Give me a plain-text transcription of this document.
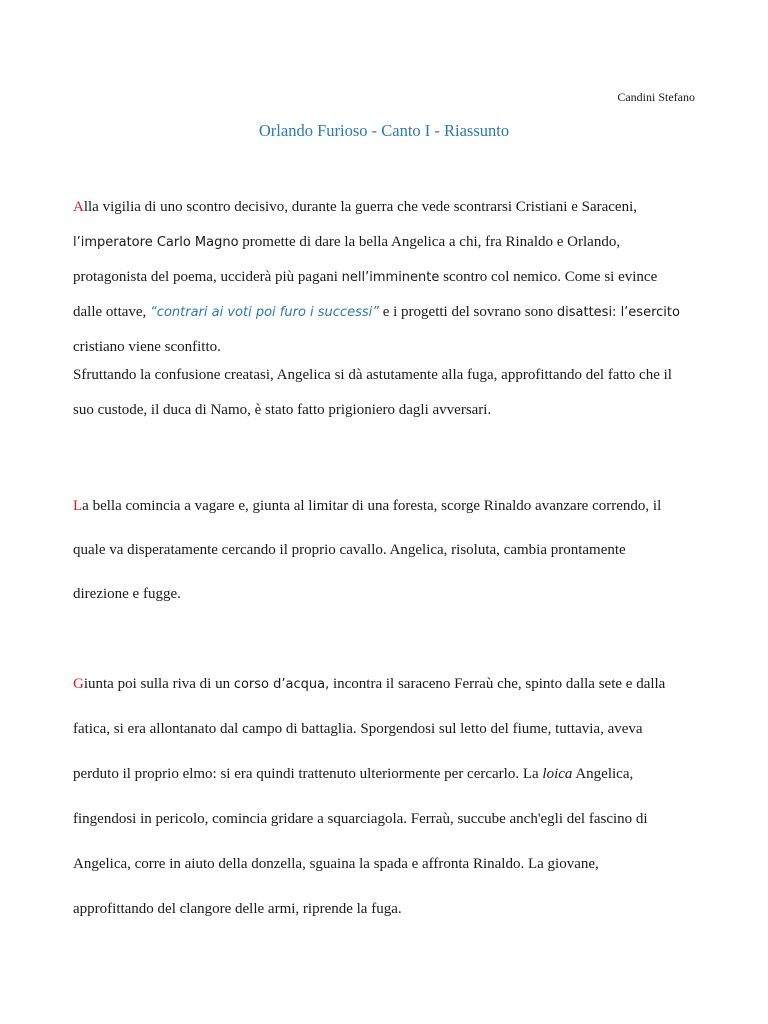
Candini Stefano
Orlando Furioso - Canto I - Riassunto
Alla vigilia di uno scontro decisivo, durante la guerra che vede scontrarsi Cristiani e Saraceni,
l’imperatore Carlo Magno promette di dare la bella Angelica a chi, fra Rinaldo e Orlando,
protagonista del poema, ucciderà più pagani nell’imminente scontro col nemico. Come si evince
dalle ottave, “contrari ai voti poi furo i successi” e i progetti del sovrano sono disattesi: l’esercito
cristiano viene sconfitto.
Sfruttando la confusione creatasi, Angelica si dà astutamente alla fuga, approfittando del fatto che il
suo custode, il duca di Namo, è stato fatto prigioniero dagli avversari.
La bella comincia a vagare e, giunta al limitar di una foresta, scorge Rinaldo avanzare correndo, il
quale va disperatamente cercando il proprio cavallo. Angelica, risoluta, cambia prontamente
direzione e fugge.
Giunta poi sulla riva di un corso d’acqua, incontra il saraceno Ferraù che, spinto dalla sete e dalla
fatica, si era allontanato dal campo di battaglia. Sporgendosi sul letto del fiume, tuttavia, aveva
perduto il proprio elmo: si era quindi trattenuto ulteriormente per cercarlo. La loica Angelica,
fingendosi in pericolo, comincia gridare a squarciagola. Ferraù, succube anch'egli del fascino di
Angelica, corre in aiuto della donzella, sguaina la spada e affronta Rinaldo. La giovane,
approfittando del clangore delle armi, riprende la fuga.
